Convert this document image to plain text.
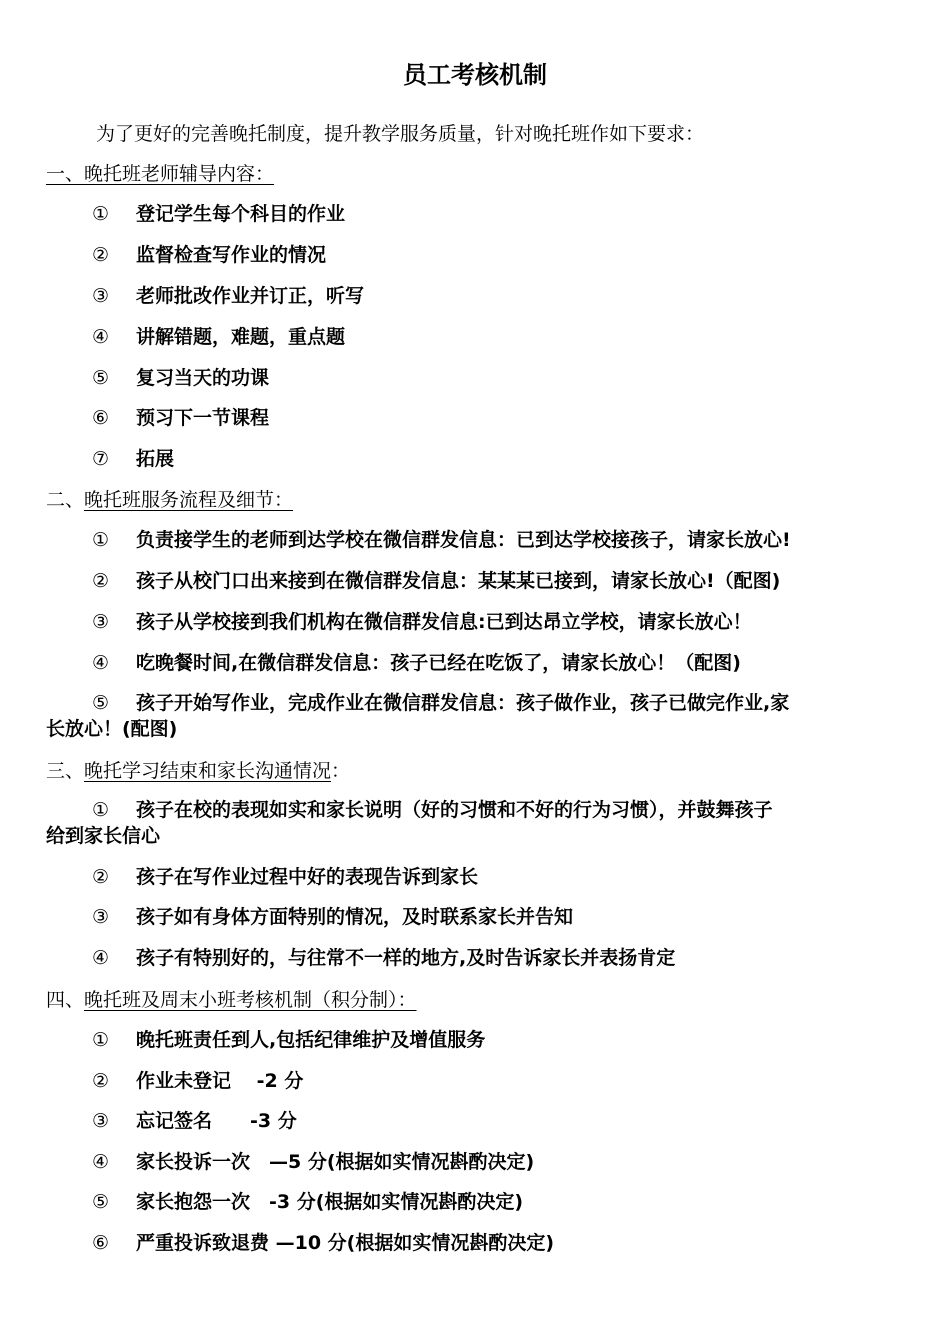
员工考核机制
为了更好的完善晚托制度，提升教学服务质量，针对晚托班作如下要求：
一、晚托班老师辅导内容：
① 登记学生每个科目的作业
② 监督检查写作业的情况
③ 老师批改作业并订正，听写
④ 讲解错题，难题，重点题
⑤ 复习当天的功课
⑥ 预习下一节课程
⑦ 拓展
二、晚托班服务流程及细节：
① 负责接学生的老师到达学校在微信群发信息：已到达学校接孩子，请家长放心!
② 孩子从校门口出来接到在微信群发信息：某某某已接到，请家长放心!（配图)
③ 孩子从学校接到我们机构在微信群发信息:已到达昂立学校，请家长放心！
④ 吃晚餐时间,在微信群发信息：孩子已经在吃饭了，请家长放心！（配图)
⑤ 孩子开始写作业，完成作业在微信群发信息：孩子做作业，孩子已做完作业,家
长放心！(配图)
三、晚托学习结束和家长沟通情况：
① 孩子在校的表现如实和家长说明（好的习惯和不好的行为习惯），并鼓舞孩子
给到家长信心
② 孩子在写作业过程中好的表现告诉到家长
③ 孩子如有身体方面特别的情况，及时联系家长并告知
④ 孩子有特别好的，与往常不一样的地方,及时告诉家长并表扬肯定
四、晚托班及周末小班考核机制（积分制）：
① 晚托班责任到人,包括纪律维护及增值服务
② 作业未登记　 -2 分
③ 忘记签名　　-3 分
④ 家长投诉一次　—5 分(根据如实情况斟酌决定)
⑤ 家长抱怨一次　-3 分(根据如实情况斟酌决定)
⑥ 严重投诉致退费 —10 分(根据如实情况斟酌决定)
